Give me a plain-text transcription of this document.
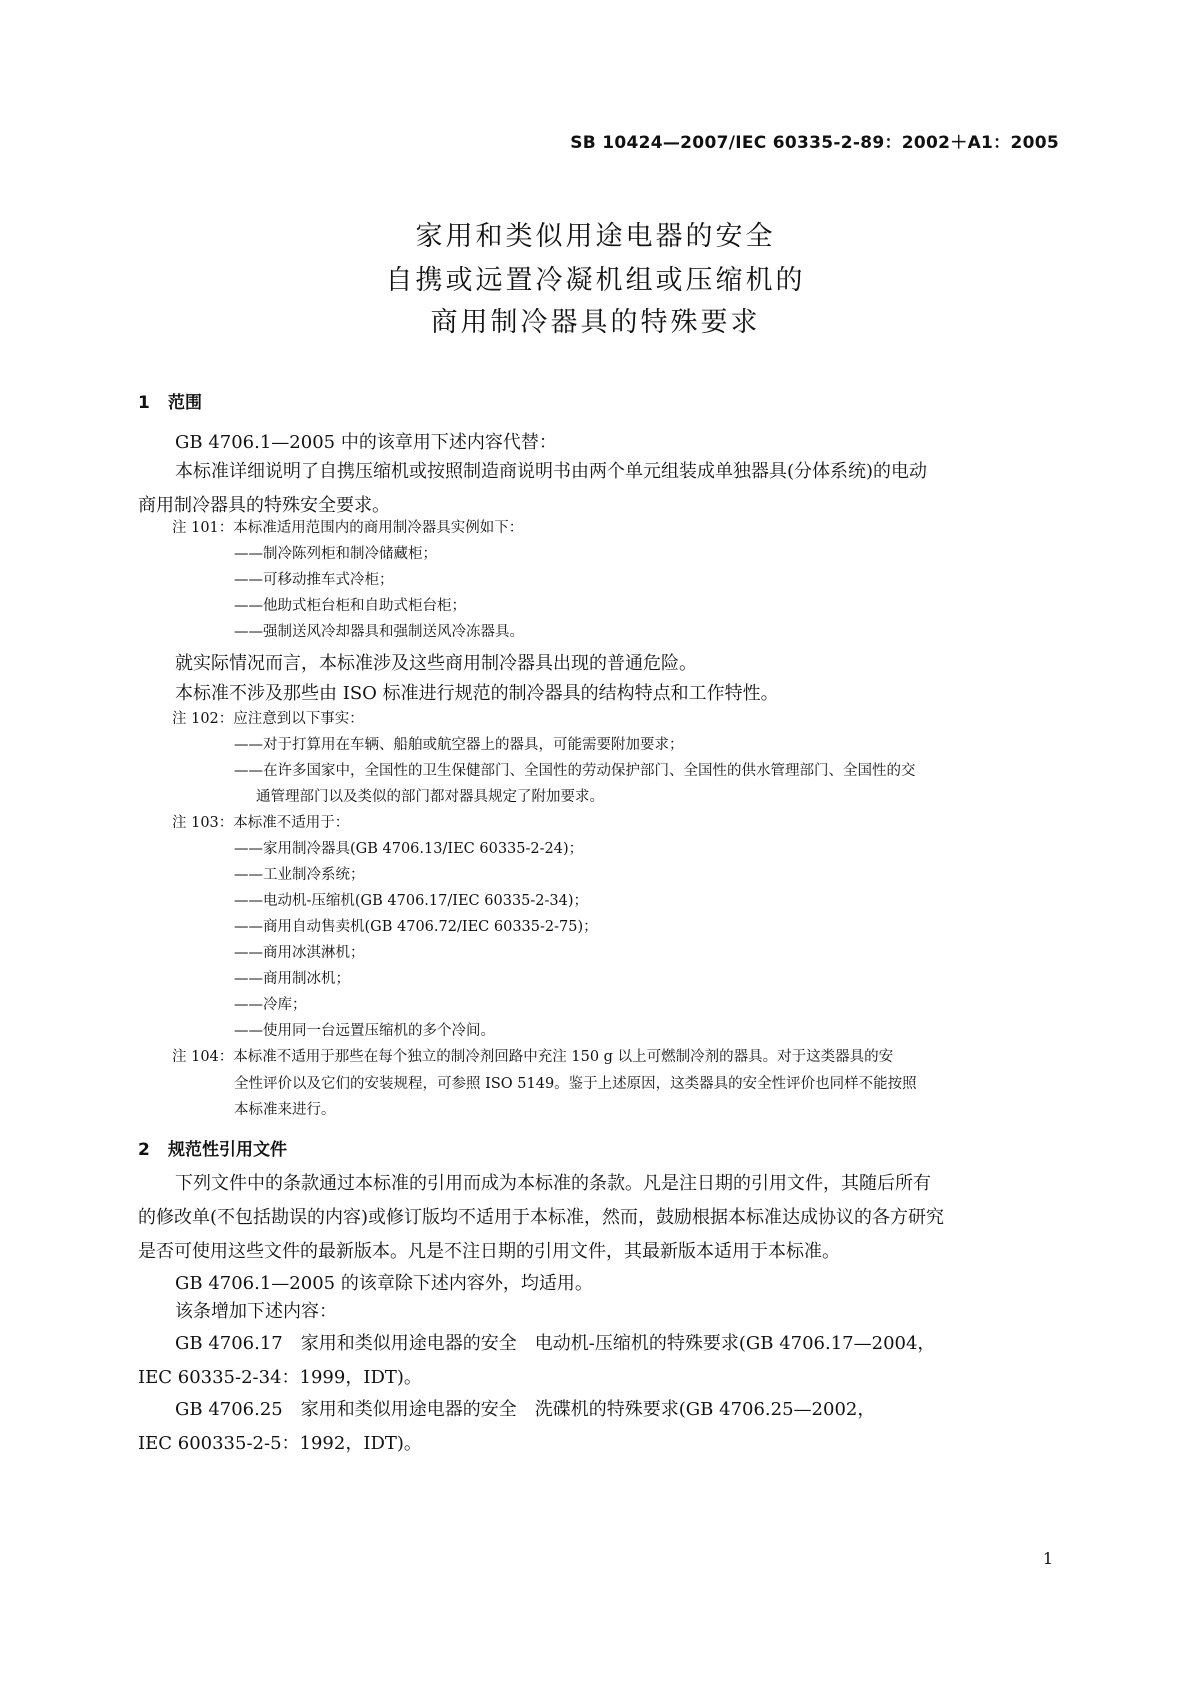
SB 10424—2007/IEC 60335-2-89：2002＋A1：2005
家用和类似用途电器的安全
自携或远置冷凝机组或压缩机的
商用制冷器具的特殊要求
1 范围
GB 4706.1—2005 中的该章用下述内容代替：
本标准详细说明了自携压缩机或按照制造商说明书由两个单元组装成单独器具(分体系统)的电动
商用制冷器具的特殊安全要求。
注 101：本标准适用范围内的商用制冷器具实例如下：
——制冷陈列柜和制冷储藏柜；
——可移动推车式冷柜；
——他助式柜台柜和自助式柜台柜；
——强制送风冷却器具和强制送风冷冻器具。
就实际情况而言，本标准涉及这些商用制冷器具出现的普通危险。
本标准不涉及那些由 ISO 标准进行规范的制冷器具的结构特点和工作特性。
注 102：应注意到以下事实：
——对于打算用在车辆、船舶或航空器上的器具，可能需要附加要求；
——在许多国家中，全国性的卫生保健部门、全国性的劳动保护部门、全国性的供水管理部门、全国性的交
通管理部门以及类似的部门都对器具规定了附加要求。
注 103：本标准不适用于：
——家用制冷器具(GB 4706.13/IEC 60335-2-24)；
——工业制冷系统；
——电动机-压缩机(GB 4706.17/IEC 60335-2-34)；
——商用自动售卖机(GB 4706.72/IEC 60335-2-75)；
——商用冰淇淋机；
——商用制冰机；
——冷库；
——使用同一台远置压缩机的多个冷间。
注 104：本标准不适用于那些在每个独立的制冷剂回路中充注 150 g 以上可燃制冷剂的器具。对于这类器具的安
全性评价以及它们的安装规程，可参照 ISO 5149。鉴于上述原因，这类器具的安全性评价也同样不能按照
本标准来进行。
2 规范性引用文件
下列文件中的条款通过本标准的引用而成为本标准的条款。凡是注日期的引用文件，其随后所有
的修改单(不包括勘误的内容)或修订版均不适用于本标准，然而，鼓励根据本标准达成协议的各方研究
是否可使用这些文件的最新版本。凡是不注日期的引用文件，其最新版本适用于本标准。
GB 4706.1—2005 的该章除下述内容外，均适用。
该条增加下述内容：
GB 4706.17　家用和类似用途电器的安全　电动机-压缩机的特殊要求(GB 4706.17—2004，
IEC 60335-2-34：1999，IDT)。
GB 4706.25　家用和类似用途电器的安全　洗碟机的特殊要求(GB 4706.25—2002，
IEC 600335-2-5：1992，IDT)。
1
